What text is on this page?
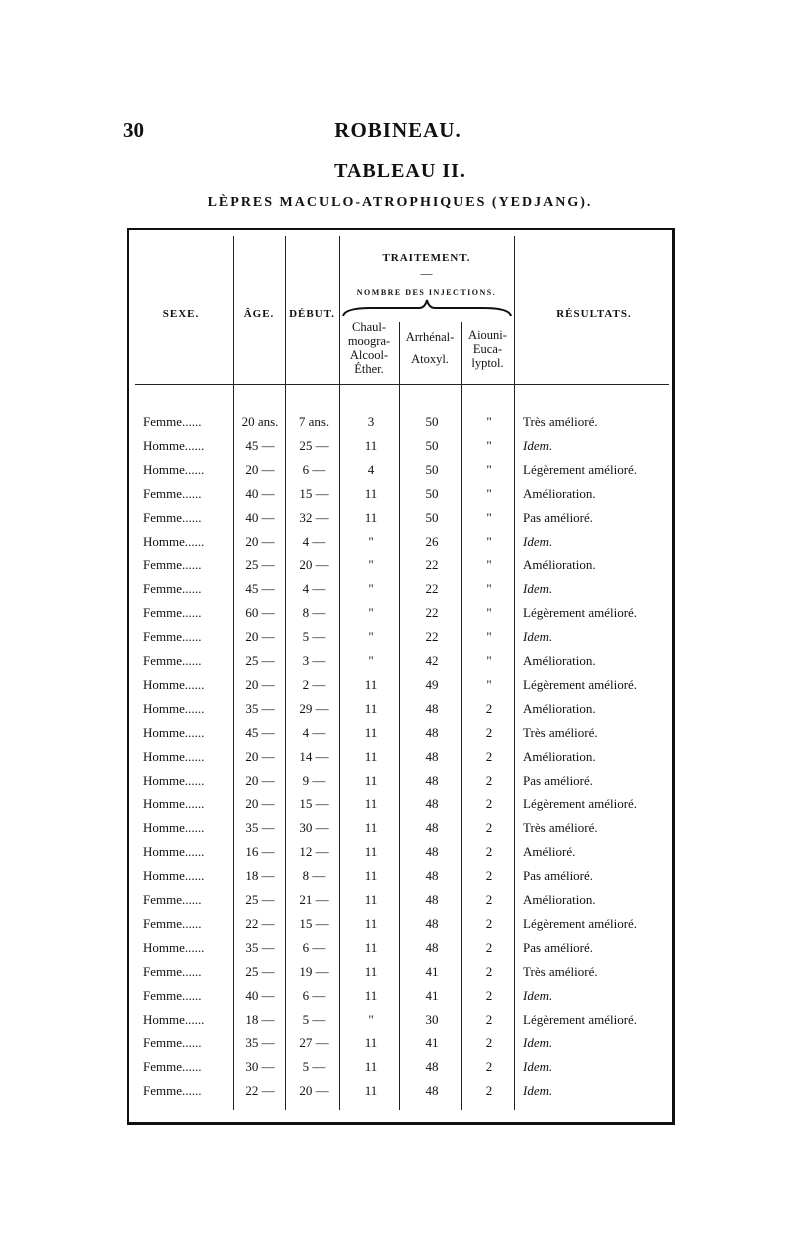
30	ROBINEAU.
TABLEAU II.
LÈPRES MACULO-ATROPHIQUES (YEDJANG).
SEXE.	ÂGE.	DÉBUT.
TRAITEMENT.
—
NOMBRE DES INJECTIONS.
RÉSULTATS.
Chaul-
moogra-
Alcool-
Éther.
Arrhénal-
Atoxyl.
Aiouni-
Euca-
lyptol.
Femme......	20 ans.	7 ans.	3	50	"	Très amélioré.
Homme......	45 —	25 —	11	50	"	Idem.
Homme......	20 —	6 —	4	50	"	Légèrement amélioré.
Femme......	40 —	15 —	11	50	"	Amélioration.
Femme......	40 —	32 —	11	50	"	Pas amélioré.
Homme......	20 —	4 —	"	26	"	Idem.
Femme......	25 —	20 —	"	22	"	Amélioration.
Femme......	45 —	4 —	"	22	"	Idem.
Femme......	60 —	8 —	"	22	"	Légèrement amélioré.
Femme......	20 —	5 —	"	22	"	Idem.
Femme......	25 —	3 —	"	42	"	Amélioration.
Homme......	20 —	2 —	11	49	"	Légèrement amélioré.
Homme......	35 —	29 —	11	48	2	Amélioration.
Homme......	45 —	4 —	11	48	2	Très amélioré.
Homme......	20 —	14 —	11	48	2	Amélioration.
Homme......	20 —	9 —	11	48	2	Pas amélioré.
Homme......	20 —	15 —	11	48	2	Légèrement amélioré.
Homme......	35 —	30 —	11	48	2	Très amélioré.
Homme......	16 —	12 —	11	48	2	Amélioré.
Homme......	18 —	8 —	11	48	2	Pas amélioré.
Femme......	25 —	21 —	11	48	2	Amélioration.
Femme......	22 —	15 —	11	48	2	Légèrement amélioré.
Homme......	35 —	6 —	11	48	2	Pas amélioré.
Femme......	25 —	19 —	11	41	2	Très amélioré.
Femme......	40 —	6 —	11	41	2	Idem.
Homme......	18 —	5 —	"	30	2	Légèrement amélioré.
Femme......	35 —	27 —	11	41	2	Idem.
Femme......	30 —	5 —	11	48	2	Idem.
Femme......	22 —	20 —	11	48	2	Idem.
